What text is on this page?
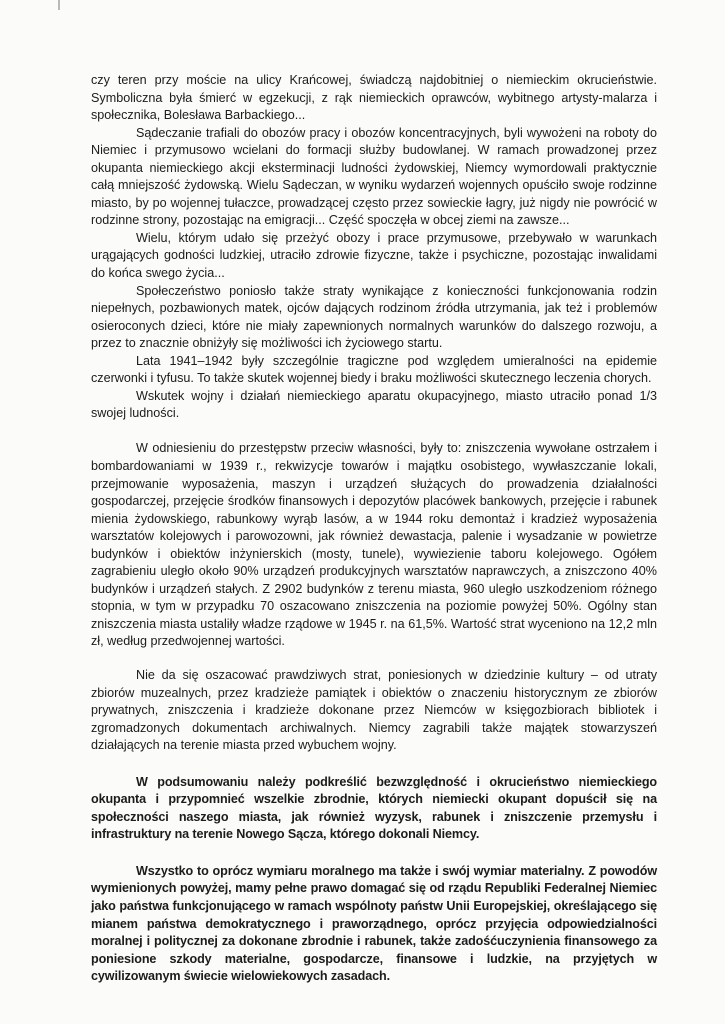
czy teren przy moście na ulicy Krańcowej, świadczą najdobitniej o niemieckim okrucieństwie. Symboliczna była śmierć w egzekucji, z rąk niemieckich oprawców, wybitnego artysty-malarza i społecznika, Bolesława Barbackiego...

Sądeczanie trafiali do obozów pracy i obozów koncentracyjnych, byli wywożeni na roboty do Niemiec i przymusowo wcielani do formacji służby budowlanej. W ramach prowadzonej przez okupanta niemieckiego akcji eksterminacji ludności żydowskiej, Niemcy wymordowali praktycznie całą mniejszość żydowską. Wielu Sądeczan, w wyniku wydarzeń wojennych opuściło swoje rodzinne miasto, by po wojennej tułaczce, prowadzącej często przez sowieckie łagry, już nigdy nie powrócić w rodzinne strony, pozostając na emigracji... Część spoczęła w obcej ziemi na zawsze...

Wielu, którym udało się przeżyć obozy i prace przymusowe, przebywało w warunkach urągających godności ludzkiej, utraciło zdrowie fizyczne, także i psychiczne, pozostając inwalidami do końca swego życia...

Społeczeństwo poniosło także straty wynikające z konieczności funkcjonowania rodzin niepełnych, pozbawionych matek, ojców dających rodzinom źródła utrzymania, jak też i problemów osieroconych dzieci, które nie miały zapewnionych normalnych warunków do dalszego rozwoju, a przez to znacznie obniżyły się możliwości ich życiowego startu.

Lata 1941–1942 były szczególnie tragiczne pod względem umieralności na epidemie czerwonki i tyfusu. To także skutek wojennej biedy i braku możliwości skutecznego leczenia chorych.

Wskutek wojny i działań niemieckiego aparatu okupacyjnego, miasto utraciło ponad 1/3 swojej ludności.

W odniesieniu do przestępstw przeciw własności, były to: zniszczenia wywołane ostrzałem i bombardowaniami w 1939 r., rekwizycje towarów i majątku osobistego, wywłaszczanie lokali, przejmowanie wyposażenia, maszyn i urządzeń służących do prowadzenia działalności gospodarczej, przejęcie środków finansowych i depozytów placówek bankowych, przejęcie i rabunek mienia żydowskiego, rabunkowy wyrąb lasów, a w 1944 roku demontaż i kradzież wyposażenia warsztatów kolejowych i parowozowni, jak również dewastacja, palenie i wysadzanie w powietrze budynków i obiektów inżynierskich (mosty, tunele), wywiezienie taboru kolejowego. Ogółem zagrabieniu uległo około 90% urządzeń produkcyjnych warsztatów naprawczych, a zniszczono 40% budynków i urządzeń stałych. Z 2902 budynków z terenu miasta, 960 uległo uszkodzeniom różnego stopnia, w tym w przypadku 70 oszacowano zniszczenia na poziomie powyżej 50%. Ogólny stan zniszczenia miasta ustaliły władze rządowe w 1945 r. na 61,5%. Wartość strat wyceniono na 12,2 mln zł, według przedwojennej wartości.

Nie da się oszacować prawdziwych strat, poniesionych w dziedzinie kultury – od utraty zbiorów muzealnych, przez kradzieże pamiątek i obiektów o znaczeniu historycznym ze zbiorów prywatnych, zniszczenia i kradzieże dokonane przez Niemców w księgozbiorach bibliotek i zgromadzonych dokumentach archiwalnych. Niemcy zagrabili także majątek stowarzyszeń działających na terenie miasta przed wybuchem wojny.

W podsumowaniu należy podkreślić bezwzględność i okrucieństwo niemieckiego okupanta i przypomnieć wszelkie zbrodnie, których niemiecki okupant dopuścił się na społeczności naszego miasta, jak również wyzysk, rabunek i zniszczenie przemysłu i infrastruktury na terenie Nowego Sącza, którego dokonali Niemcy.

Wszystko to oprócz wymiaru moralnego ma także i swój wymiar materialny. Z powodów wymienionych powyżej, mamy pełne prawo domagać się od rządu Republiki Federalnej Niemiec jako państwa funkcjonującego w ramach wspólnoty państw Unii Europejskiej, określającego się mianem państwa demokratycznego i praworządnego, oprócz przyjęcia odpowiedzialności moralnej i politycznej za dokonane zbrodnie i rabunek, także zadośćuczynienia finansowego za poniesione szkody materialne, gospodarcze, finansowe i ludzkie, na przyjętych w cywilizowanym świecie wielowiekowych zasadach.
